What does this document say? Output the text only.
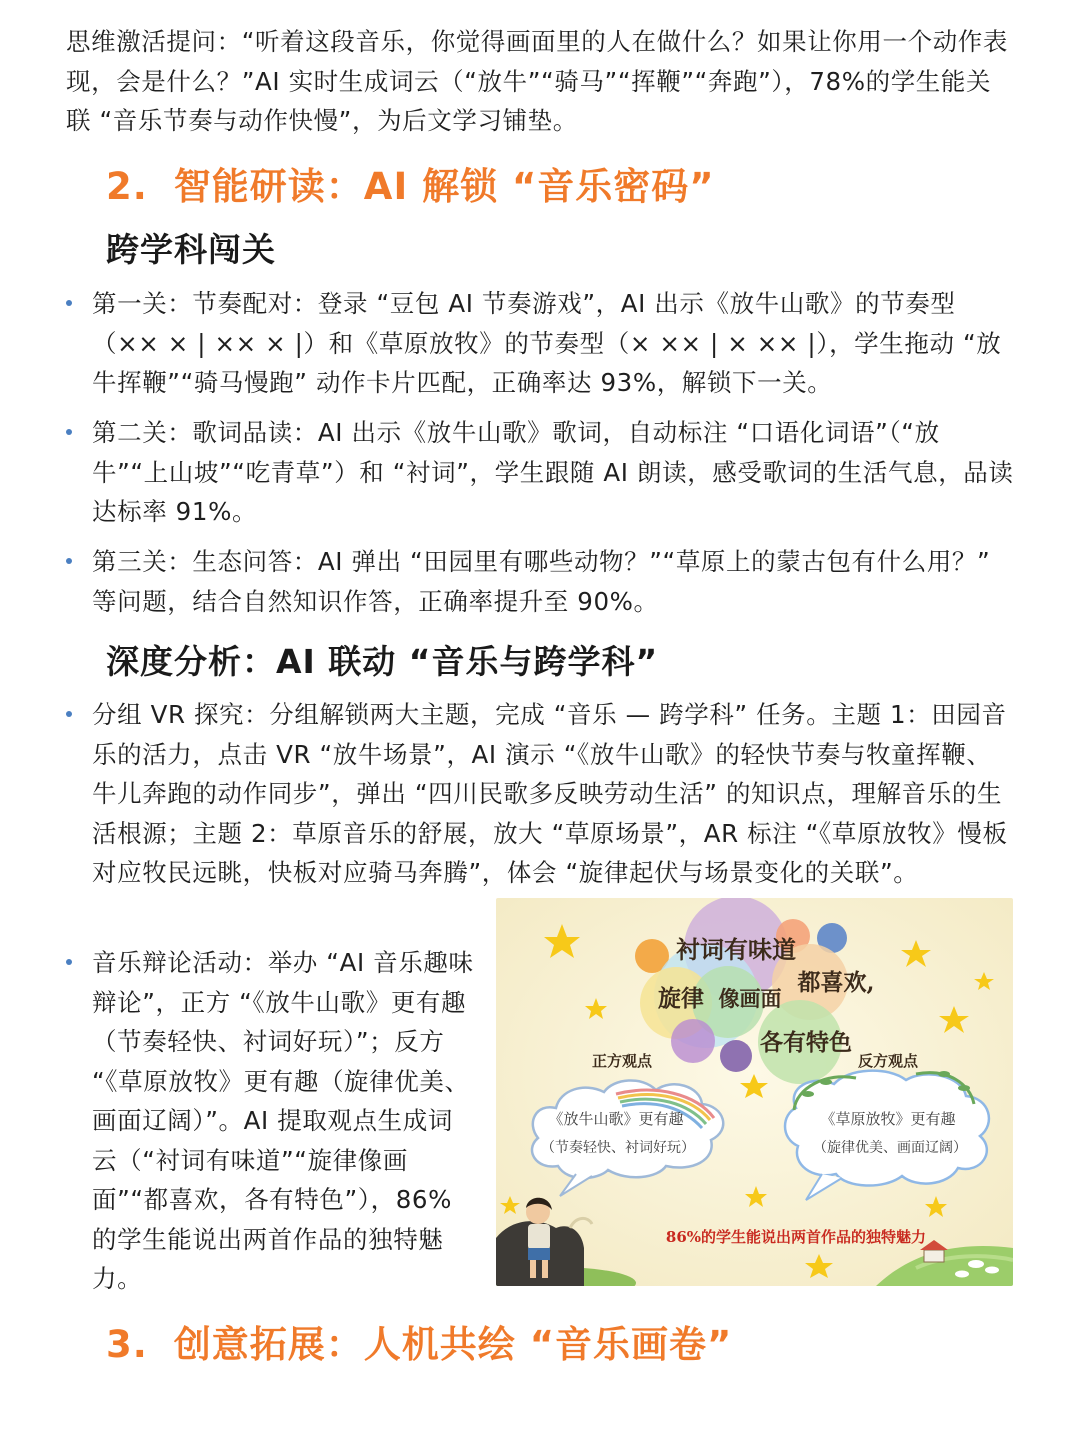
思维激活提问：“听着这段音乐，你觉得画面里的人在做什么？如果让你用一个动作表现，会是什么？”AI 实时生成词云（“放牛”“骑马”“挥鞭”“奔跑”），78%的学生能关联 “音乐节奏与动作快慢”，为后文学习铺垫。
2. 智能研读：AI 解锁 “音乐密码”
跨学科闯关
第一关：节奏配对：登录 “豆包 AI 节奏游戏”，AI 出示《放牛山歌》的节奏型（×× × | ×× × |）和《草原放牧》的节奏型（× ×× | × ×× |），学生拖动 “放牛挥鞭”“骑马慢跑” 动作卡片匹配，正确率达 93%，解锁下一关。
第二关：歌词品读：AI 出示《放牛山歌》歌词，自动标注 “口语化词语”（“放牛”“上山坡”“吃青草”）和 “衬词”，学生跟随 AI 朗读，感受歌词的生活气息，品读达标率 91%。
第三关：生态问答：AI 弹出 “田园里有哪些动物？”“草原上的蒙古包有什么用？” 等问题，结合自然知识作答，正确率提升至 90%。
深度分析：AI 联动 “音乐与跨学科”
分组 VR 探究：分组解锁两大主题，完成 “音乐 — 跨学科” 任务。主题 1：田园音乐的活力，点击 VR “放牛场景”，AI 演示 “《放牛山歌》的轻快节奏与牧童挥鞭、牛儿奔跑的动作同步”，弹出 “四川民歌多反映劳动生活” 的知识点，理解音乐的生活根源；主题 2：草原音乐的舒展，放大 “草原场景”，AR 标注 “《草原放牧》慢板对应牧民远眺，快板对应骑马奔腾”，体会 “旋律起伏与场景变化的关联”。
音乐辩论活动：举办 “AI 音乐趣味辩论”，正方 “《放牛山歌》更有趣（节奏轻快、衬词好玩）”；反方 “《草原放牧》更有趣（旋律优美、画面辽阔）”。AI 提取观点生成词云（“衬词有味道”“旋律像画面”“都喜欢，各有特色”），86% 的学生能说出两首作品的独特魅力。
衬词有味道
旋律 像画面
都喜欢,
各有特色
正方观点	反方观点
《放牛山歌》更有趣
（节奏轻快、衬词好玩）
《草原放牧》更有趣
（旋律优美、画面辽阔）
86%的学生能说出两首作品的独特魅力
3. 创意拓展：人机共绘 “音乐画卷”
